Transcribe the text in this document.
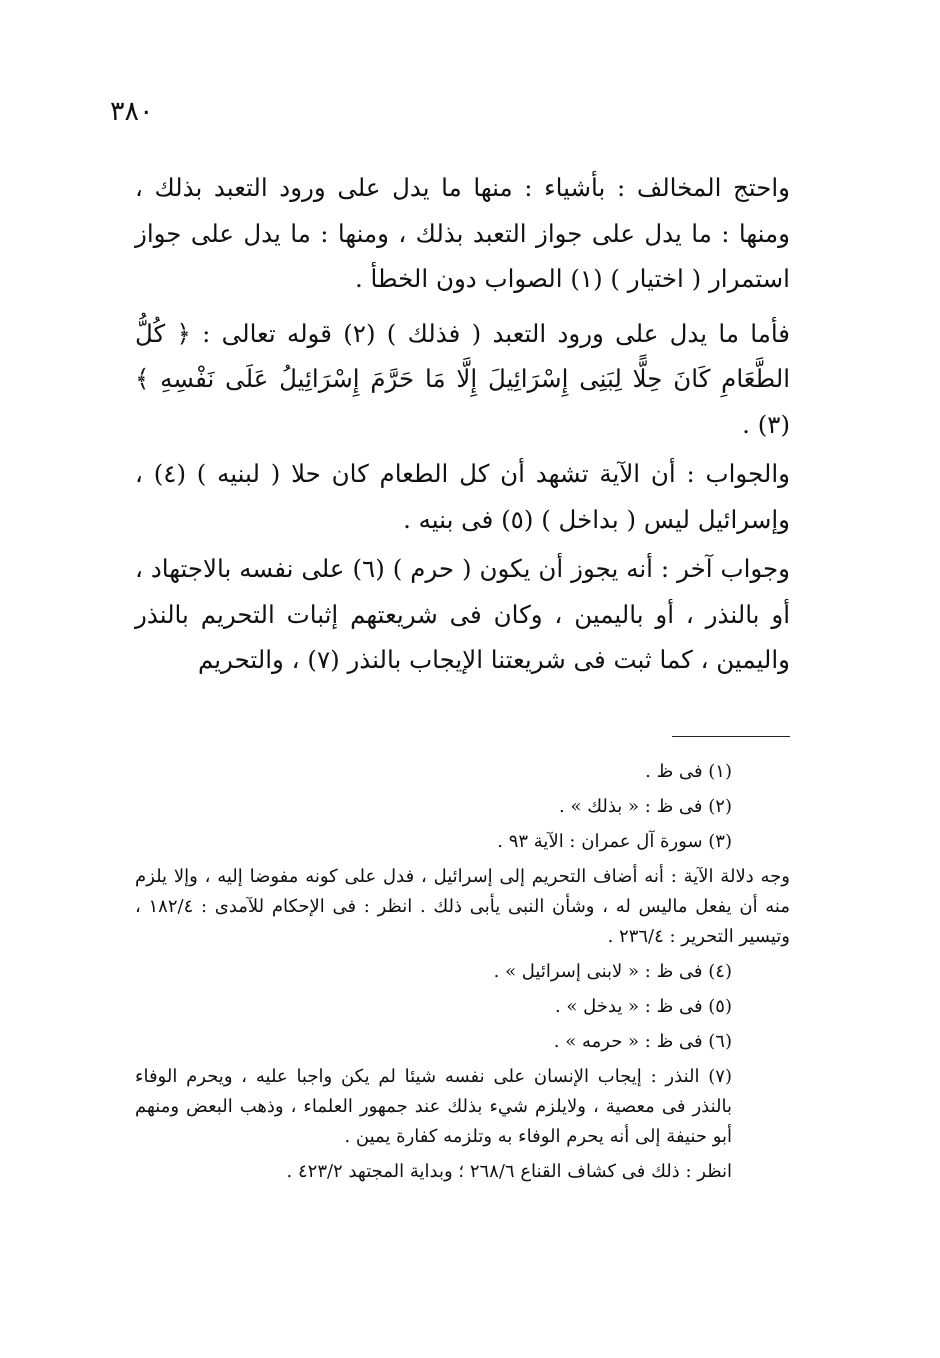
٣٨٠

واحتج المخالف : بأشياء : منها ما يدل على ورود التعبد بذلك ، ومنها : ما يدل على جواز التعبد بذلك ، ومنها : ما يدل على جواز استمرار ( اختيار ) (١) الصواب دون الخطأ .

فأما ما يدل على ورود التعبد ( فذلك ) (٢) قوله تعالى : ﴿ كُلُّ الطَّعَامِ كَانَ حِلًّا لِبَنِى إِسْرَائِيلَ إِلَّا مَا حَرَّمَ إِسْرَائِيلُ عَلَى نَفْسِهِ ﴾ (٣) .

والجواب : أن الآية تشهد أن كل الطعام كان حلا ( لبنيه ) (٤) ، وإسرائيل ليس ( بداخل ) (٥) فى بنيه .

وجواب آخر : أنه يجوز أن يكون ( حرم ) (٦) على نفسه بالاجتهاد ، أو بالنذر ، أو باليمين ، وكان فى شريعتهم إثبات التحريم بالنذر واليمين ، كما ثبت فى شريعتنا الإيجاب بالنذر (٧) ، والتحريم

(١) فى ظ .

(٢) فى ظ : « بذلك » .

(٣) سورة آل عمران : الآية ٩٣ .

وجه دلالة الآية : أنه أضاف التحريم إلى إسرائيل ، فدل على كونه مفوضا إليه ، وإلا يلزم منه أن يفعل ماليس له ، وشأن النبى يأبى ذلك . انظر : فى الإحكام للآمدى : ١٨٢/٤ ، وتيسير التحرير : ٢٣٦/٤ .

(٤) فى ظ : « لابنى إسرائيل » .

(٥) فى ظ : « يدخل » .

(٦) فى ظ : « حرمه » .

(٧) النذر : إيجاب الإنسان على نفسه شيئا لم يكن واجبا عليه ، ويحرم الوفاء بالنذر فى معصية ، ولايلزم شيء بذلك عند جمهور العلماء ، وذهب البعض ومنهم أبو حنيفة إلى أنه يحرم الوفاء به وتلزمه كفارة يمين .

انظر : ذلك فى كشاف القناع ٢٦٨/٦ ؛ وبداية المجتهد ٤٢٣/٢ .
